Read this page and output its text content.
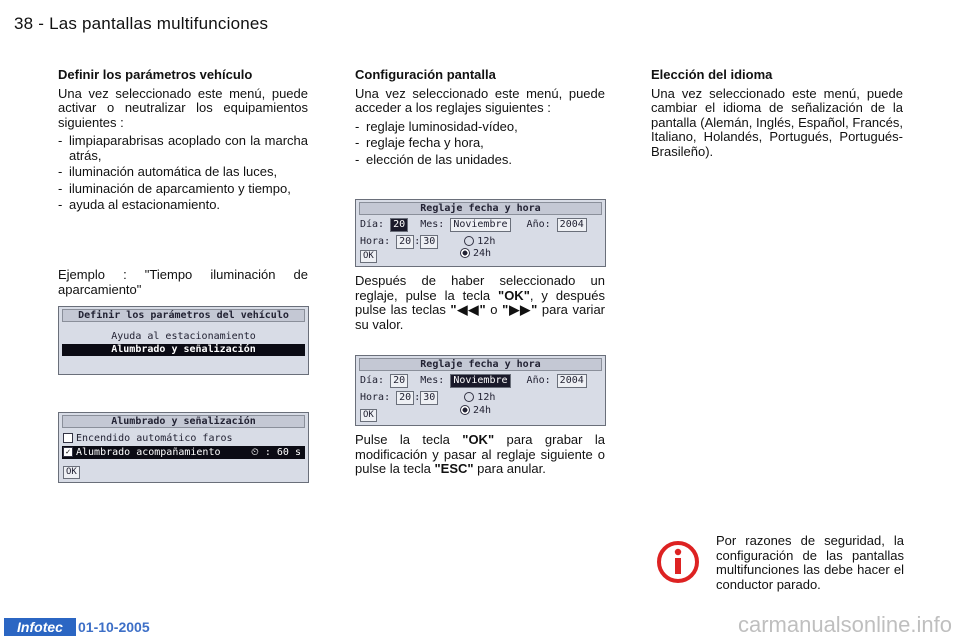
38 - Las pantallas multifunciones
Definir los parámetros vehículo

Una vez seleccionado este menú, puede activar o neutralizar los equipamientos siguientes :

- limpiaparabrisas acoplado con la marcha atrás,
- iluminación automática de las luces,
- iluminación de aparcamiento y tiempo,
- ayuda al estacionamiento.
Ejemplo : "Tiempo iluminación de aparcamiento"
Definir los parámetros del vehículo
Ayuda al estacionamiento
Alumbrado y señalización
Alumbrado y señalización
Encendido automático faros
✓ Alumbrado acompañamiento	⏲ : 60 s
OK
Configuración pantalla

Una vez seleccionado este menú, puede acceder a los reglajes siguientes :

- reglaje luminosidad-vídeo,
- reglaje fecha y hora,
- elección de las unidades.
Reglaje fecha y hora
Día: 20 Mes: Noviembre Año: 2004
Hora: 20 : 30	12h
24h
OK
Después de haber seleccionado un reglaje, pulse la tecla "OK", y después pulse las teclas "◀◀" o "▶▶" para variar su valor.
Reglaje fecha y hora
Día: 20 Mes: Noviembre Año: 2004
Hora: 20 : 30	12h
24h
OK
Pulse la tecla "OK" para grabar la modificación y pasar al reglaje siguiente o pulse la tecla "ESC" para anular.
Elección del idioma

Una vez seleccionado este menú, puede cambiar el idioma de señalización de la pantalla (Alemán, Inglés, Español, Francés, Italiano, Holandés, Portugués, Portugués-Brasileño).

Por razones de seguridad, la configuración de las pantallas multifunciones las debe hacer el conductor parado.
Infotec	01-10-2005	carmanualsonline.info
